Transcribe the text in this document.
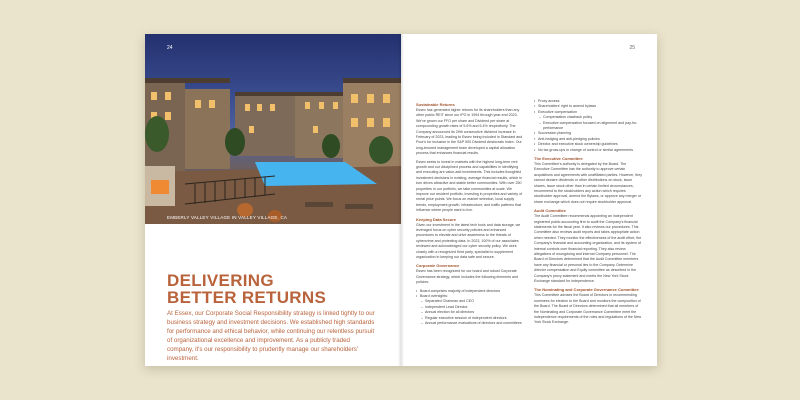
24
EMBERLY VALLEY VILLAGE IN VALLEY VILLAGE, CA
DELIVERING
BETTER RETURNS
At Essex, our Corporate Social Responsibility strategy is linked tightly to our business strategy and investment decisions. We established high standards for performance and ethical behavior, while continuing our relentless pursuit of organizational excellence and improvement. As a publicly traded company, it's our responsibility to prudently manage our shareholders' investment.
25
Sustainable Returns

Essex has generated higher returns for its shareholders than any other public REIT since our IPO in 1994 through year-end 2023. We've grown our FFO per share and Dividend per share at compounding growth rates of 5.6% and 6.4% respectively. The Company announced its 29th consecutive dividend increase in February of 2023, leading to Essex being included in Standard and Poor's for inclusion in the S&P 500 Dividend Aristocrats Index. Our long-tenured management team developed a capital allocation process that enhances financial results.

Essex seeks to invest in markets with the highest long-term rent growth and our disciplined process and capabilities in identifying and executing are value-add investments. This includes thoughtful investment decisions in existing, average financial results, which in turn drives attractive and stable better communities. With over 250 properties in our portfolio, we take communities at scale. We improve our resident portfolio, investing in properties and variety of rental price points. We focus on market selection, local supply trends, employment growth, infrastructure, and traffic patterns that influence where people want to live.

Keeping Data Secure

Given our investment in the latest tech tools and data storage, we leveraged focus on cyber security policies and enhanced procedures to elevate and drive awareness to the threats of cybercrime and protecting data. In 2023, 100% of our associates reviewed and acknowledged our cyber security policy. We work closely with a recognized third party, specialist to supplement organization in keeping our data safe and secure.

Corporate Governance

Essex has been recognized for our board and robust Corporate Governance strategy, which includes the following elements and policies:

• Board comprises majority of independent directors
• Board oversights:
– Separated Chairman and CEO
– Independent Lead Director
– Annual election for all directors
– Regular executive session of independent directors
– Annual performance evaluations of directors and committees
• Proxy access
• Shareholders' right to amend bylaws
• Executive compensation
– Compensation clawback policy
– Executive compensation focused on alignment and pay-for-performance
• Succession planning
• Anti-hedging and anti-pledging policies
• Director and executive stock ownership guidelines
• No tax gross-ups in change of control or similar agreements
The Executive Committee

This Committee's authority is delegated by the Board. The Executive Committee has the authority to approve certain acquisitions and agreements with unaffiliated parties. However, they cannot declare dividends or other distributions on stock, issue shares, issue stock other than in certain limited circumstances, recommend to the stockholders any action which requires stockholder approval, amend the Bylaws, or approve any merger or share exchange which does not require stockholder approval.

Audit Committee

The Audit Committee recommends appointing an independent registered public accounting firm to audit the Company's financial statements for the fiscal year. It also reviews our procedures. This Committee also reviews audit reports and takes appropriate action when needed. They monitor the effectiveness of the audit effort, the Company's financial and accounting organization, and its system of internal controls over financial reporting. They also review allegations of wrongdoing and internal Company personnel. The Board of Directors determined that the Audit Committee members have any financial or personal ties to the Company. Determine director compensation and Equity committee as described in the Company's proxy statement and meets the New York Stock Exchange standard for independence.

The Nominating and Corporate Governance Committee

This Committee advises the Board of Directors in recommending nominees for election to the Board and monitors the composition of the Board. The Board of Directors determined that all members of the Nominating and Corporate Governance Committee meet the independence requirements of the rules and regulations of the New York Stock Exchange.
